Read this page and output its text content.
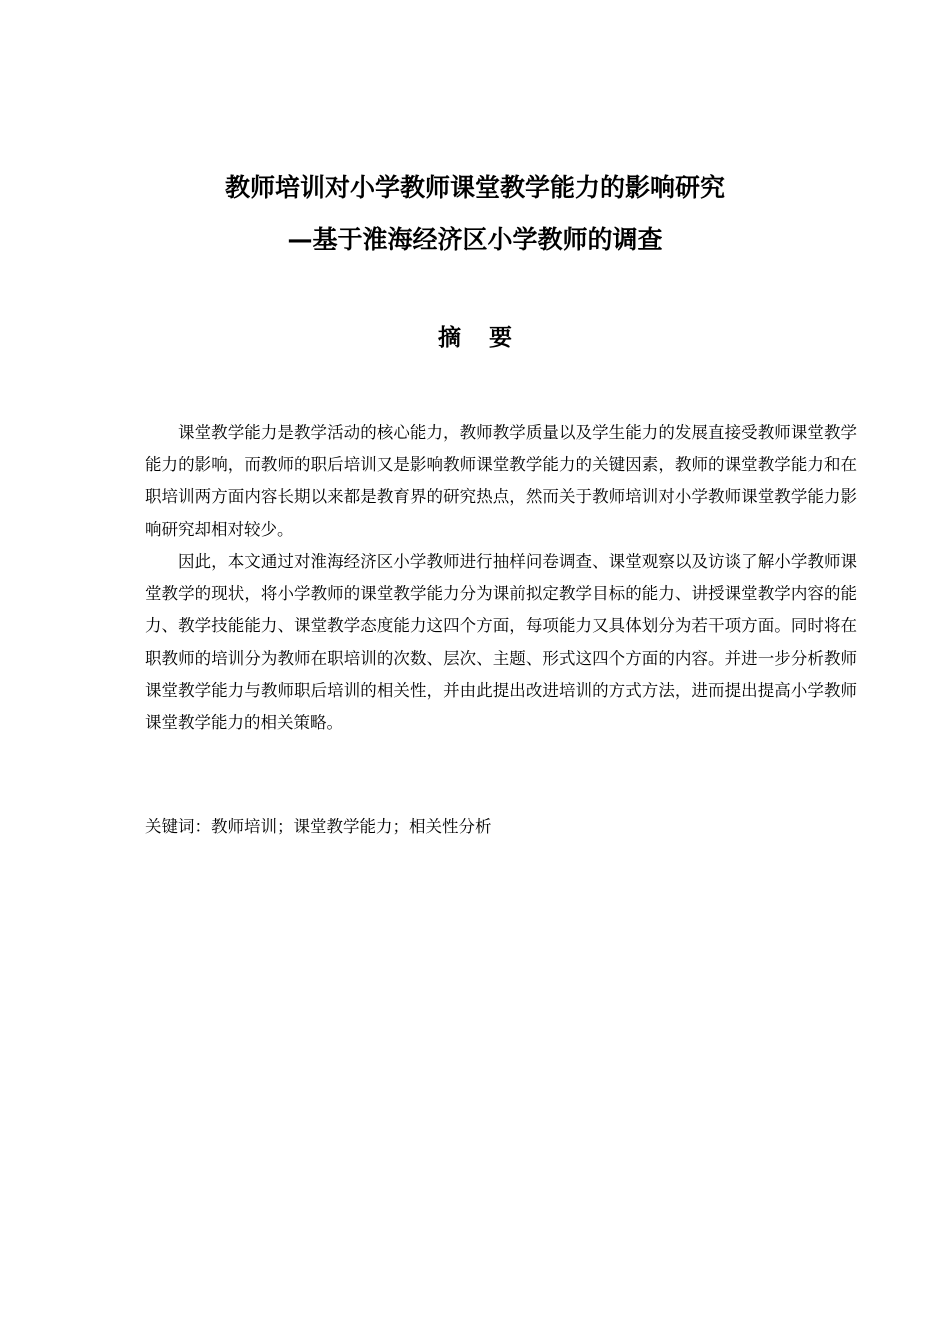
教师培训对小学教师课堂教学能力的影响研究
—基于淮海经济区小学教师的调查
摘要

课堂教学能力是教学活动的核心能力，教师教学质量以及学生能力的发展直接受教师课堂教学能力的影响，而教师的职后培训又是影响教师课堂教学能力的关键因素，教师的课堂教学能力和在职培训两方面内容长期以来都是教育界的研究热点，然而关于教师培训对小学教师课堂教学能力影响研究却相对较少。

因此，本文通过对淮海经济区小学教师进行抽样问卷调查、课堂观察以及访谈了解小学教师课堂教学的现状，将小学教师的课堂教学能力分为课前拟定教学目标的能力、讲授课堂教学内容的能力、教学技能能力、课堂教学态度能力这四个方面，每项能力又具体划分为若干项方面。同时将在职教师的培训分为教师在职培训的次数、层次、主题、形式这四个方面的内容。并进一步分析教师课堂教学能力与教师职后培训的相关性，并由此提出改进培训的方式方法，进而提出提高小学教师课堂教学能力的相关策略。

关键词：教师培训；课堂教学能力；相关性分析
